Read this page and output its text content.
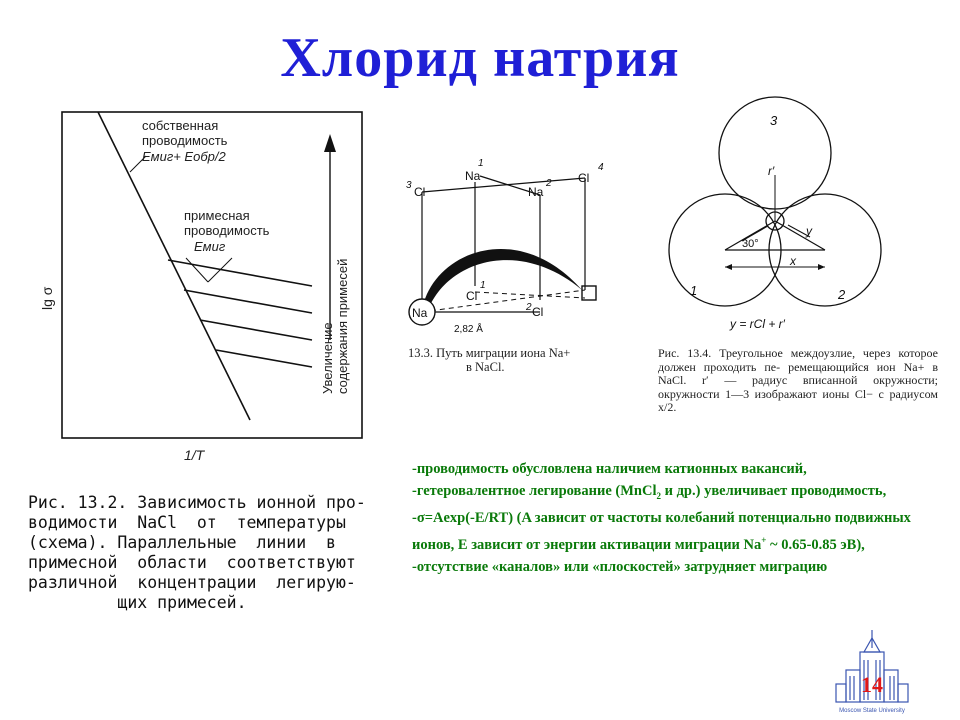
Хлорид натрия
собственная
проводимость
Eмиг+ Eобр/2
примесная
проводимость
Eмиг
Увеличение содержания примесей
lg σ
1/T
Рис. 13.2. Зависимость ионной про-
водимости  NaCl  от  температуры
(схема). Параллельные  линии  в
примесной  области  соответствуют
различной  концентрации  легирую-
щих примесей.
Na
Na
Na
Cl
Cl
Cl
Cl
1
2
3
4
1
2
2,82 Å
13.3. Путь миграции иона Na+
в NaCl.
3
1	2
r′
y
x
30°
y = rCl + r′
Рис. 13.4. Треугольное междоузлие, через которое должен проходить пе- ремещающийся ион Na+ в NaCl. r′ — радиус вписанной окружности; окружности 1—3 изображают ионы Cl− с радиусом x/2.

-проводимость обусловлена наличием катионных вакансий,

-гетеровалентное легирование (MnCl$_2$ и др.) увеличивает проводимость,

-σ=Aexp(-E/RT) (A зависит от частоты колебаний потенциально подвижных ионов, E зависит от энергии активации миграции Na+ ~ 0.65-0.85 эВ),

-отсутствие «каналов» или «плоскостей» затрудняет миграцию

14
Moscow State University
